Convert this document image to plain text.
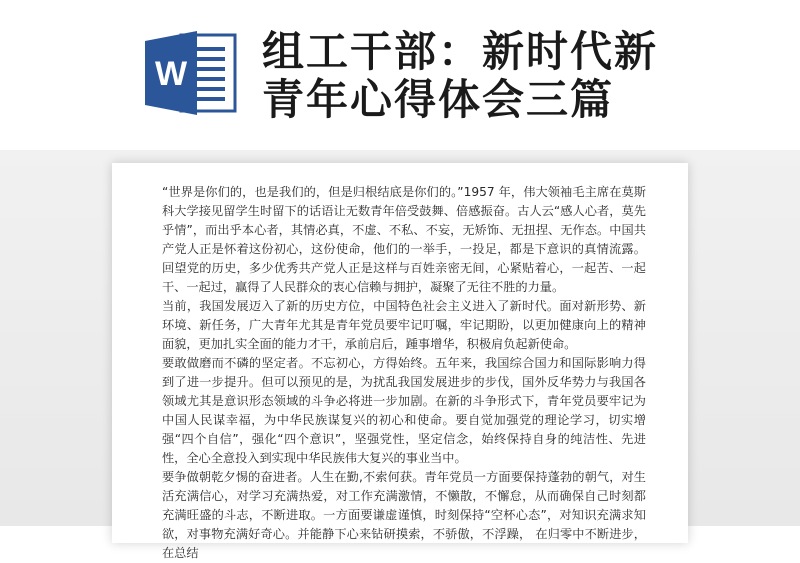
W 组工干部：新时代新
青年心得体会三篇

“世界是你们的，也是我们的，但是归根结底是你们的。”1957 年，伟大领袖毛主席在莫斯科大学接见留学生时留下的话语让无数青年倍受鼓舞、倍感振奋。古人云“感人心者，莫先乎情”，而出乎本心者，其情必真，不虚、不私、不妄，无矫饰、无扭捏、无作态。中国共产党人正是怀着这份初心，这份使命，他们的一举手，一投足，都是下意识的真情流露。回望党的历史，多少优秀共产党人正是这样与百姓亲密无间，心紧贴着心，一起苦、一起干、一起过，赢得了人民群众的衷心信赖与拥护，凝聚了无往不胜的力量。

当前，我国发展迈入了新的历史方位，中国特色社会主义进入了新时代。面对新形势、新环境、新任务，广大青年尤其是青年党员要牢记叮嘱，牢记期盼，以更加健康向上的精神面貌，更加扎实全面的能力才干，承前启后，踵事增华，积极肩负起新使命。

要敢做磨而不磷的坚定者。不忘初心，方得始终。五年来，我国综合国力和国际影响力得到了进一步提升。但可以预见的是，为扰乱我国发展进步的步伐，国外反华势力与我国各领域尤其是意识形态领域的斗争必将进一步加剧。在新的斗争形式下，青年党员要牢记为中国人民谋幸福，为中华民族谋复兴的初心和使命。要自觉加强党的理论学习，切实增强“四个自信”，强化“四个意识”，坚强党性，坚定信念，始终保持自身的纯洁性、先进性，全心全意投入到实现中华民族伟大复兴的事业当中。

要争做朝乾夕惕的奋进者。人生在勤,不索何获。青年党员一方面要保持蓬勃的朝气，对生活充满信心，对学习充满热爱，对工作充满激情，不懒散，不懈怠，从而确保自己时刻都充满旺盛的斗志，不断进取。一方面要谦虚谨慎，时刻保持“空杯心态”，对知识充满求知欲，对事物充满好奇心。并能静下心来钻研摸索，不骄傲，不浮躁， 在归零中不断进步，在总结
